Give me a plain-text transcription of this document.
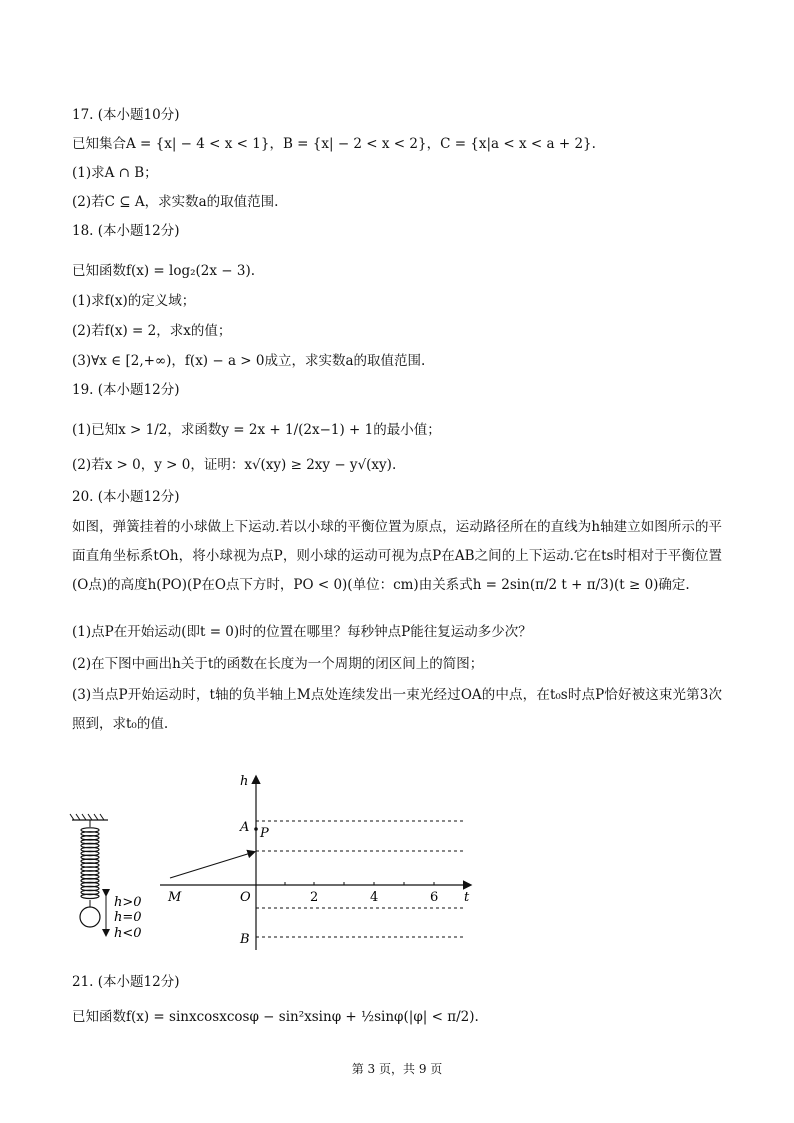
17. (本小题10分)
已知集合A = {x| − 4 < x < 1}，B = {x| − 2 < x < 2}，C = {x|a < x < a + 2}.
(1)求A ∩ B；
(2)若C ⊆ A，求实数a的取值范围.
18. (本小题12分)
已知函数f(x) = log₂(2x − 3).
(1)求f(x)的定义域；
(2)若f(x) = 2，求x的值；
(3)∀x ∈ [2,+∞)，f(x) − a > 0成立，求实数a的取值范围.
19. (本小题12分)
(1)已知x > 1/2，求函数y = 2x + 1/(2x−1) + 1的最小值；
(2)若x > 0，y > 0，证明：x√(xy) ≥ 2xy − y√(xy).
20. (本小题12分)
如图，弹簧挂着的小球做上下运动.若以小球的平衡位置为原点，运动路径所在的直线为h轴建立如图所示的平面直角坐标系tOh，将小球视为点P，则小球的运动可视为点P在AB之间的上下运动.它在ts时相对于平衡位置(O点)的高度h(PO)(P在O点下方时，PO < 0)(单位：cm)由关系式h = 2sin(π/2 t + π/3)(t ≥ 0)确定.
(1)点P在开始运动(即t = 0)时的位置在哪里？每秒钟点P能往复运动多少次？
(2)在下图中画出h关于t的函数在长度为一个周期的闭区间上的简图；
(3)当点P开始运动时，t轴的负半轴上M点处连续发出一束光经过OA的中点，在t₀s时点P恰好被这束光第3次照到，求t₀的值.
h>0
h=0
h<0
h
t
A P
O
B
M	2	4	6
21. (本小题12分)
已知函数f(x) = sinxcosxcosφ − sin²xsinφ + ½sinφ(|φ| < π/2).
第 3 页，共 9 页
